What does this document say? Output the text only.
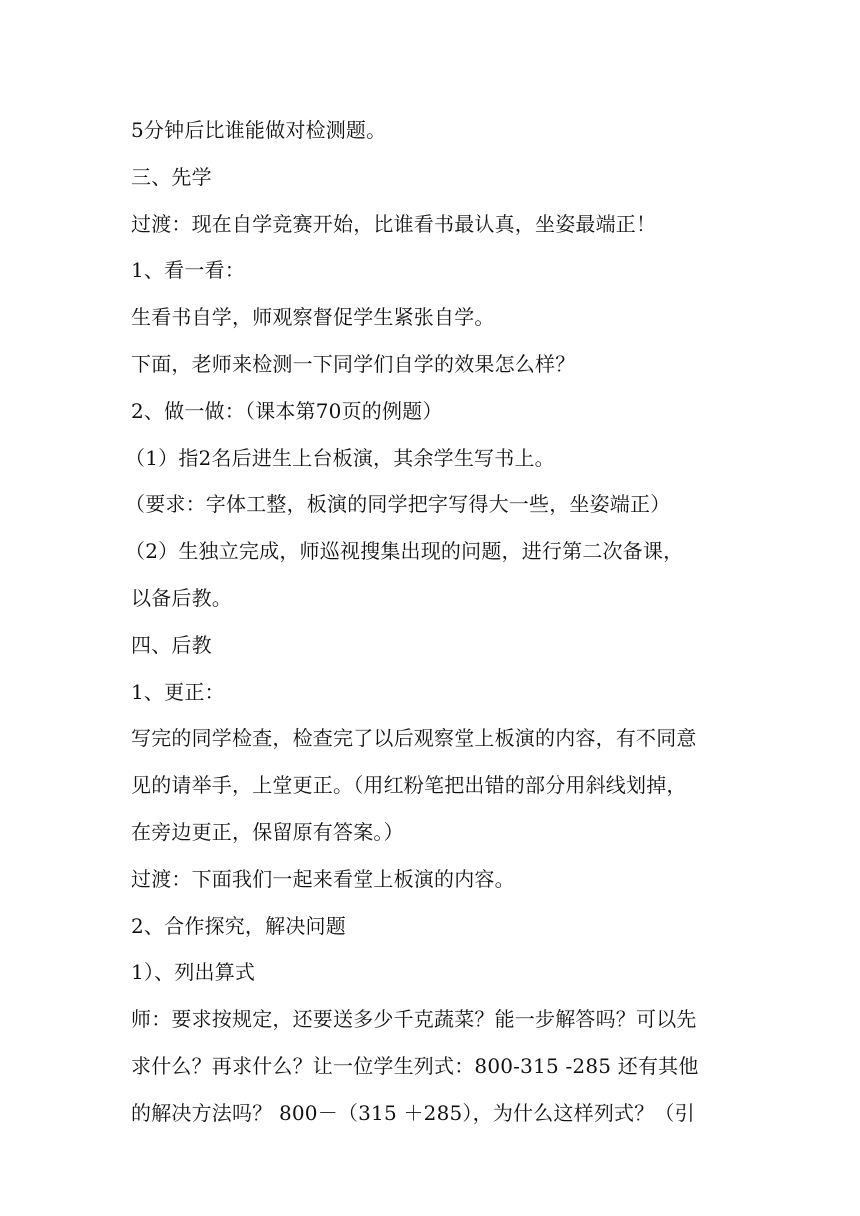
5分钟后比谁能做对检测题。
三、先学
过渡：现在自学竞赛开始，比谁看书最认真，坐姿最端正！
1、看一看：
生看书自学，师观察督促学生紧张自学。
下面，老师来检测一下同学们自学的效果怎么样？
2、做一做：（课本第70页的例题）
（1）指2名后进生上台板演，其余学生写书上。
（要求：字体工整，板演的同学把字写得大一些，坐姿端正）
（2）生独立完成，师巡视搜集出现的问题，进行第二次备课，
以备后教。
四、后教
1、更正：
写完的同学检查，检查完了以后观察堂上板演的内容，有不同意
见的请举手，上堂更正。（用红粉笔把出错的部分用斜线划掉，
在旁边更正，保留原有答案。）
过渡：下面我们一起来看堂上板演的内容。
2、合作探究，解决问题
1）、列出算式
师：要求按规定，还要送多少千克蔬菜？能一步解答吗？可以先
求什么？再求什么？让一位学生列式：800-315 -285 还有其他
的解决方法吗？ 800－（315 ＋285），为什么这样列式？（引
